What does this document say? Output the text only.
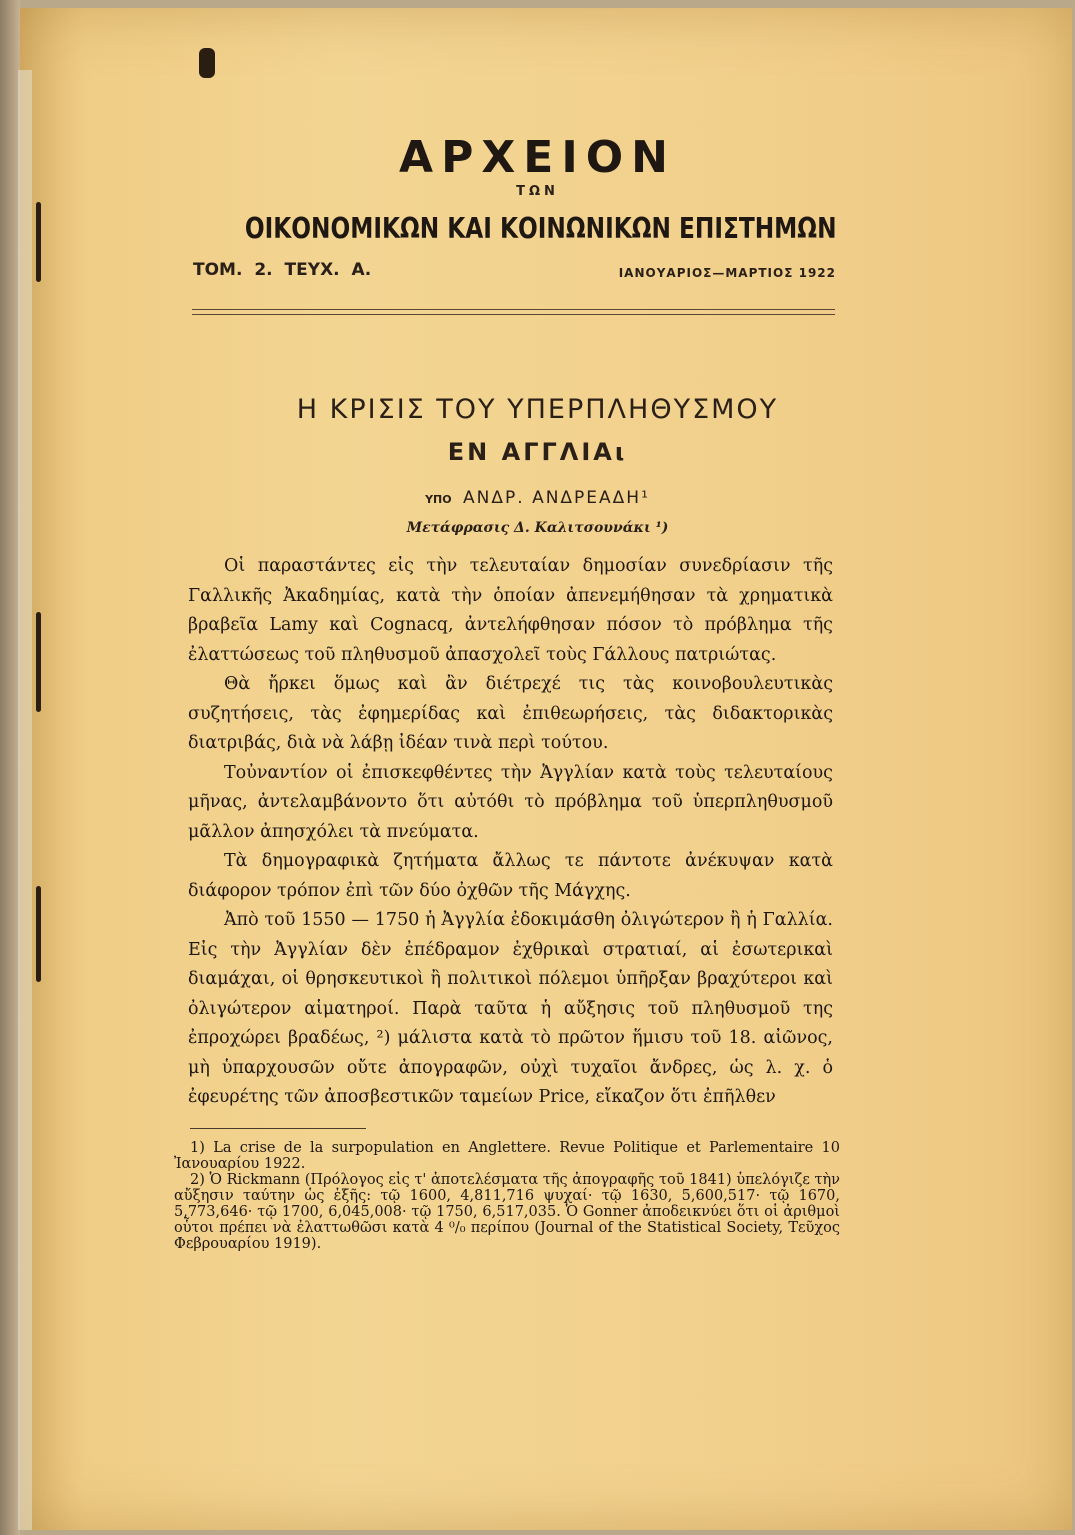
ΑΡΧΕΙΟΝ
ΤΩΝ
ΟΙΚΟΝΟΜΙΚΩΝ ΚΑΙ ΚΟΙΝΩΝΙΚΩΝ ΕΠΙΣΤΗΜΩΝ
ΤΟΜ. 2. ΤΕΥΧ. Α.	ΙΑΝΟΥΑΡΙΟΣ—ΜΑΡΤΙΟΣ 1922
Η ΚΡΙΣΙΣ ΤΟΥ ΥΠΕΡΠΛΗΘΥΣΜΟΥ
ΕΝ ΑΓΓΛΙΑι
ΥΠΟ ΑΝΔΡ. ΑΝΔΡΕΑΔΗ¹
Μετάφρασις Δ. Καλιτσουνάκι ¹)

Οἱ παραστάντες εἰς τὴν τελευταίαν δημοσίαν συνεδρίασιν τῆς Γαλλικῆς Ἀκαδημίας, κατὰ τὴν ὁποίαν ἀπενεμήθησαν τὰ χρηματικὰ βραβεῖα Lamy καὶ Cognacq, ἀντελήφθησαν πόσον τὸ πρόβλημα τῆς ἐλαττώσεως τοῦ πληθυσμοῦ ἀπασχολεῖ τοὺς Γάλλους πατριώτας.

Θὰ ἤρκει ὅμως καὶ ἂν διέτρεχέ τις τὰς κοινοβουλευτικὰς συζητήσεις, τὰς ἐφημερίδας καὶ ἐπιθεωρήσεις, τὰς διδακτορικὰς διατριβάς, διὰ νὰ λάβῃ ἰδέαν τινὰ περὶ τούτου.

Τοὐναντίον οἱ ἐπισκεφθέντες τὴν Ἀγγλίαν κατὰ τοὺς τελευταίους μῆνας, ἀντελαμβάνοντο ὅτι αὐτόθι τὸ πρόβλημα τοῦ ὑπερπληθυσμοῦ μᾶλλον ἀπησχόλει τὰ πνεύματα.

Τὰ δημογραφικὰ ζητήματα ἄλλως τε πάντοτε ἀνέκυψαν κατὰ διάφορον τρόπον ἐπὶ τῶν δύο ὀχθῶν τῆς Μάγχης.

Ἀπὸ τοῦ 1550 — 1750 ἡ Ἀγγλία ἐδοκιμάσθη ὀλιγώτερον ἢ ἡ Γαλλία. Εἰς τὴν Ἀγγλίαν δὲν ἐπέδραμον ἐχθρικαὶ στρατιαί, αἱ ἐσωτερικαὶ διαμάχαι, οἱ θρησκευτικοὶ ἢ πολιτικοὶ πόλεμοι ὑπῆρξαν βραχύτεροι καὶ ὀλιγώτερον αἱματηροί. Παρὰ ταῦτα ἡ αὔξησις τοῦ πληθυσμοῦ της ἐπροχώρει βραδέως, ²) μάλιστα κατὰ τὸ πρῶτον ἥμισυ τοῦ 18. αἰῶνος, μὴ ὑπαρχουσῶν οὔτε ἀπογραφῶν, οὐχὶ τυχαῖοι ἄνδρες, ὡς λ. χ. ὁ ἐφευρέτης τῶν ἀποσβεστικῶν ταμείων Price, εἴκαζον ὅτι ἐπῆλθεν

1) La crise de la surpopulation en Anglettere. Revue Politique et Parlementaire 10 Ἰανουαρίου 1922.

2) Ὁ Rickmann (Πρόλογος εἰς τ' ἀποτελέσματα τῆς ἀπογραφῆς τοῦ 1841) ὑπελόγιζε τὴν αὔξησιν ταύτην ὡς ἑξῆς: τῷ 1600, 4,811,716 ψυχαί· τῷ 1630, 5,600,517· τῷ 1670, 5,773,646· τῷ 1700, 6,045,008· τῷ 1750, 6,517,035. Ὁ Gonner ἀποδεικνύει ὅτι οἱ ἀριθμοὶ οὗτοι πρέπει νὰ ἐλαττωθῶσι κατὰ 4 ⁰/₀ περίπου (Journal of the Statistical Society, Τεῦχος Φεβρουαρίου 1919).
